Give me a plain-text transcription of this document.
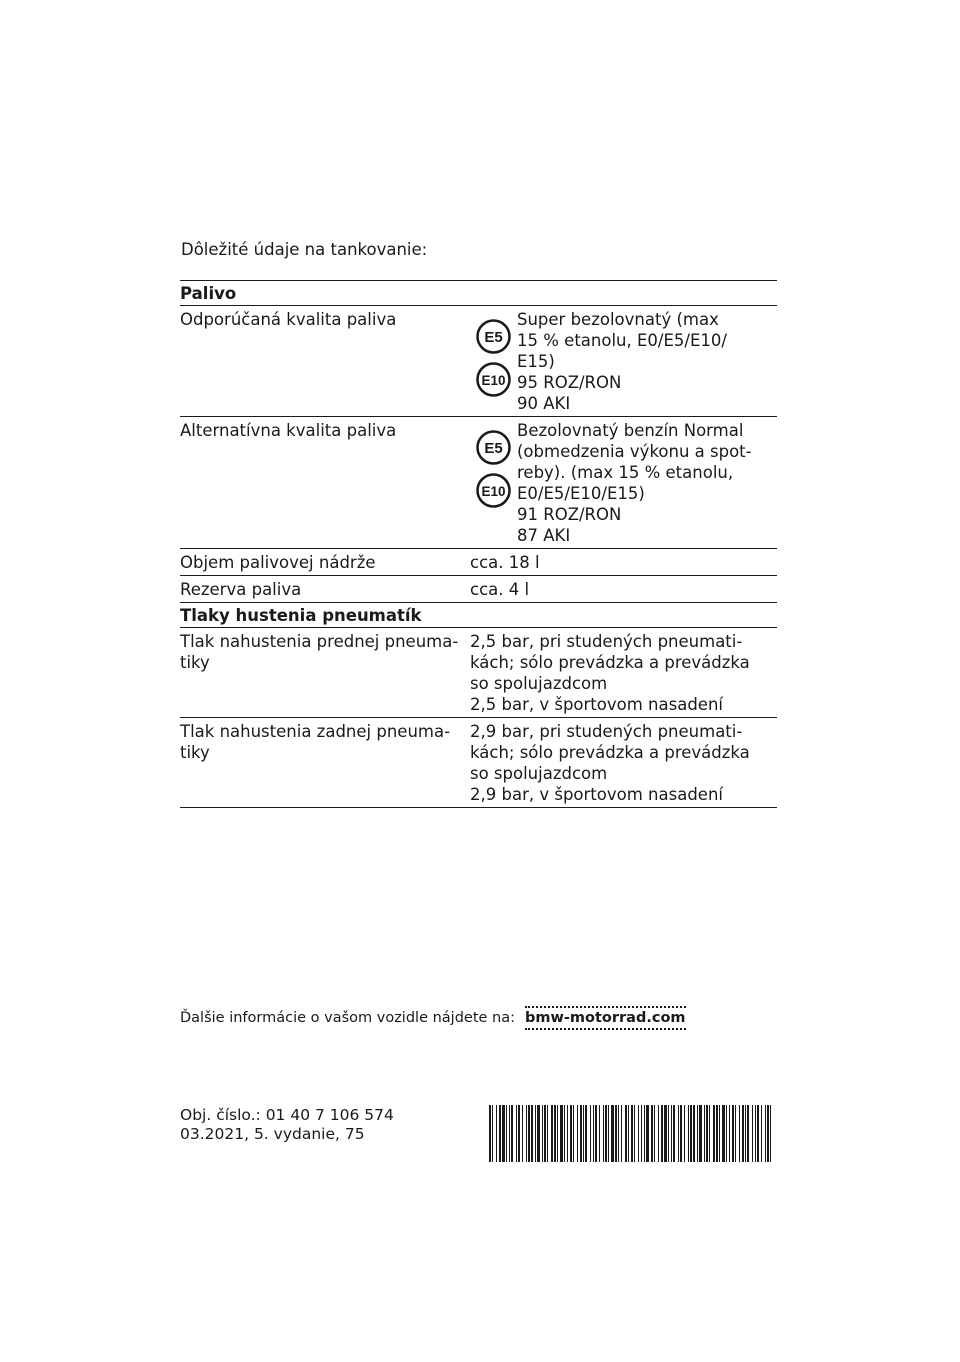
Dôležité údaje na tankovanie:
Palivo
Odporúčaná kvalita paliva
E5
E10
Super bezolovnatý (max
15 % etanolu, E0/E5/E10/
E15)
95 ROZ/RON
90 AKI
Alternatívna kvalita paliva
E5
E10
Bezolovnatý benzín Normal
(obmedzenia výkonu a spot-
reby). (max 15 % etanolu,
E0/E5/E10/E15)
91 ROZ/RON
87 AKI
Objem palivovej nádrže	cca. 18 l
Rezerva paliva	cca. 4 l
Tlaky hustenia pneumatík
Tlak nahustenia prednej pneuma-
tiky
2,5 bar, pri studených pneumati-
kách; sólo prevádzka a prevádzka
so spolujazdcom
2,5 bar, v športovom nasadení
Tlak nahustenia zadnej pneuma-
tiky
2,9 bar, pri studených pneumati-
kách; sólo prevádzka a prevádzka
so spolujazdcom
2,9 bar, v športovom nasadení
Ďalšie informácie o vašom vozidle nájdete na: bmw-motorrad.com
Obj. číslo.: 01 40 7 106 574
03.2021, 5. vydanie, 75
